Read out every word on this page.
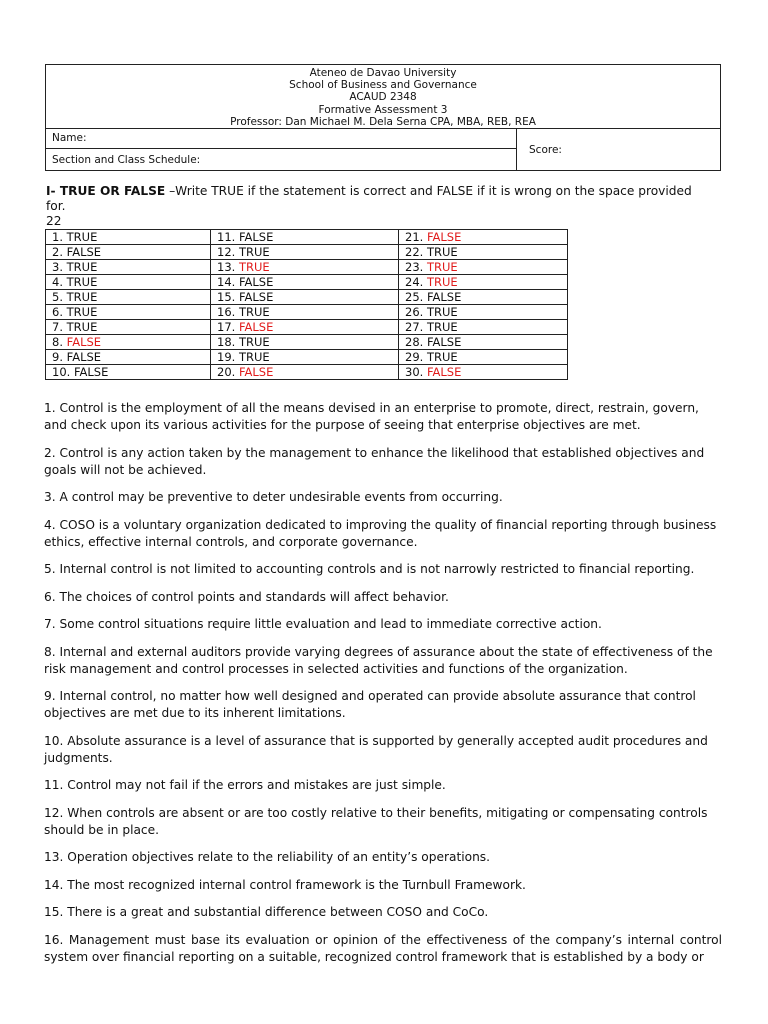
Ateneo de Davao University
School of Business and Governance
ACAUD 2348
Formative Assessment 3
Professor: Dan Michael M. Dela Serna CPA, MBA, REB, REA
Name:
Section and Class Schedule:
Score:
I- TRUE OR FALSE –Write TRUE if the statement is correct and FALSE if it is wrong on the space provided for.
22
1. TRUE	11. FALSE	21. FALSE
2. FALSE	12. TRUE	22. TRUE
3. TRUE	13. TRUE	23. TRUE
4. TRUE	14. FALSE	24. TRUE
5. TRUE	15. FALSE	25. FALSE
6. TRUE	16. TRUE	26. TRUE
7. TRUE	17. FALSE	27. TRUE
8. FALSE	18. TRUE	28. FALSE
9. FALSE	19. TRUE	29. TRUE
10. FALSE	20. FALSE	30. FALSE

1. Control is the employment of all the means devised in an enterprise to promote, direct, restrain, govern, and check upon its various activities for the purpose of seeing that enterprise objectives are met.

2. Control is any action taken by the management to enhance the likelihood that established objectives and goals will not be achieved.

3. A control may be preventive to deter undesirable events from occurring.

4. COSO is a voluntary organization dedicated to improving the quality of financial reporting through business ethics, effective internal controls, and corporate governance.

5. Internal control is not limited to accounting controls and is not narrowly restricted to financial reporting.

6. The choices of control points and standards will affect behavior.

7. Some control situations require little evaluation and lead to immediate corrective action.

8. Internal and external auditors provide varying degrees of assurance about the state of effectiveness of the risk management and control processes in selected activities and functions of the organization.

9. Internal control, no matter how well designed and operated can provide absolute assurance that control objectives are met due to its inherent limitations.

10. Absolute assurance is a level of assurance that is supported by generally accepted audit procedures and judgments.

11. Control may not fail if the errors and mistakes are just simple.

12. When controls are absent or are too costly relative to their benefits, mitigating or compensating controls should be in place.

13. Operation objectives relate to the reliability of an entity’s operations.

14. The most recognized internal control framework is the Turnbull Framework.

15. There is a great and substantial difference between COSO and CoCo.

16. Management must base its evaluation or opinion of the effectiveness of the company’s internal control system over financial reporting on a suitable, recognized control framework that is established by a body or
